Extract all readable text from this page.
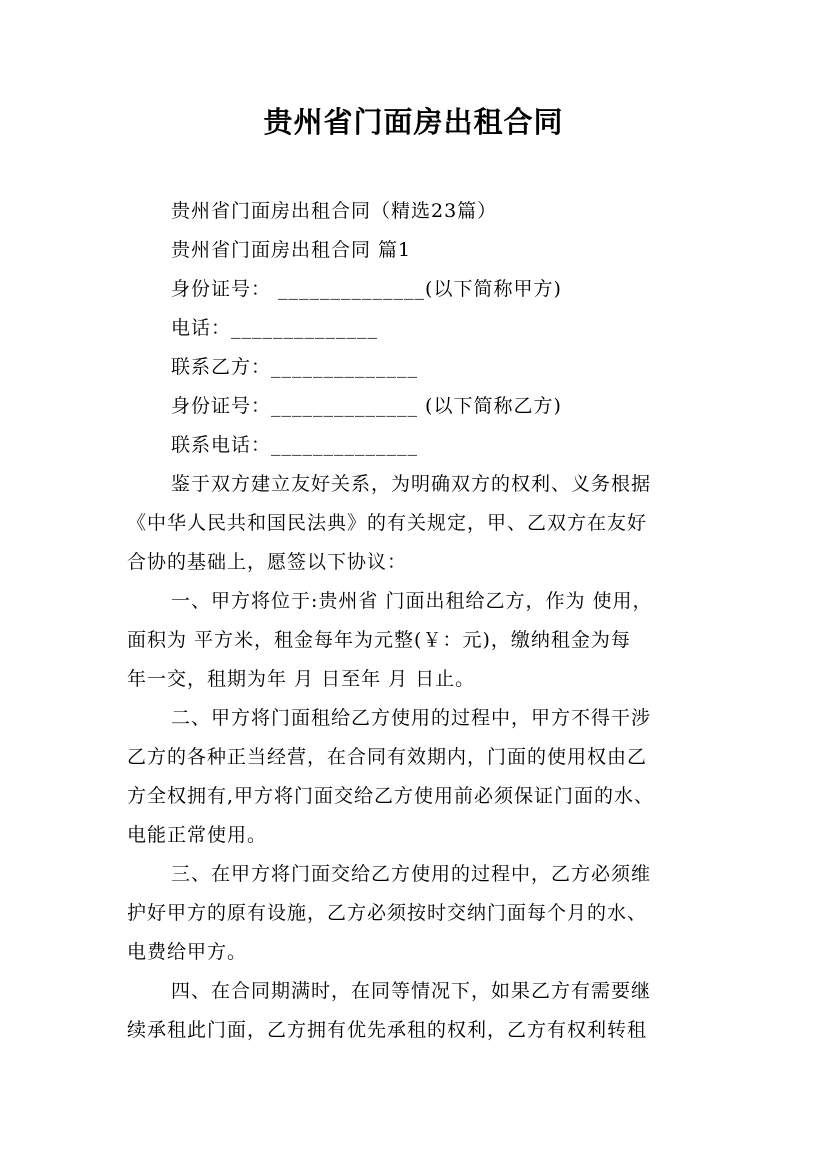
贵州省门面房出租合同
贵州省门面房出租合同（精选23篇）
贵州省门面房出租合同 篇1
身份证号： ______________(以下简称甲方)
电话：______________
联系乙方：______________
身份证号：______________ (以下简称乙方)
联系电话：______________
鉴于双方建立友好关系，为明确双方的权利、义务根据
《中华人民共和国民法典》的有关规定，甲、乙双方在友好
合协的基础上，愿签以下协议：
一、甲方将位于:贵州省 门面出租给乙方，作为 使用，
面积为 平方米，租金每年为元整(￥：元)，缴纳租金为每
年一交，租期为年 月 日至年 月 日止。
二、甲方将门面租给乙方使用的过程中，甲方不得干涉
乙方的各种正当经营，在合同有效期内，门面的使用权由乙
方全权拥有,甲方将门面交给乙方使用前必须保证门面的水、
电能正常使用。
三、在甲方将门面交给乙方使用的过程中，乙方必须维
护好甲方的原有设施，乙方必须按时交纳门面每个月的水、
电费给甲方。
四、在合同期满时，在同等情况下，如果乙方有需要继
续承租此门面，乙方拥有优先承租的权利，乙方有权利转租
